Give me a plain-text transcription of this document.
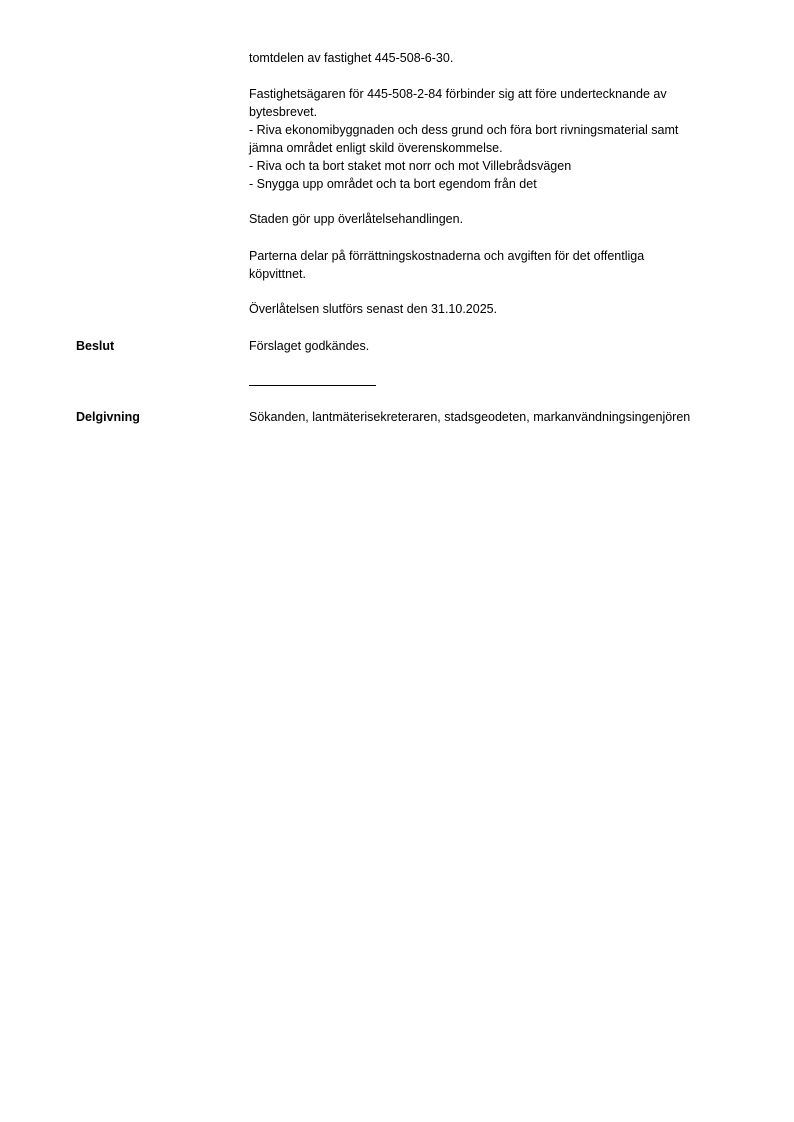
tomtdelen av fastighet 445-508-6-30.
Fastighetsägaren för 445-508-2-84 förbinder sig att före undertecknande av
bytesbrevet.
- Riva ekonomibyggnaden och dess grund och föra bort rivningsmaterial samt
jämna området enligt skild överenskommelse.
- Riva och ta bort staket mot norr och mot Villebrådsvägen
- Snygga upp området och ta bort egendom från det
Staden gör upp överlåtelsehandlingen.
Parterna delar på förrättningskostnaderna och avgiften för det offentliga
köpvittnet.
Överlåtelsen slutförs senast den 31.10.2025.
Beslut	Förslaget godkändes.
Delgivning	Sökanden, lantmäterisekreteraren, stadsgeodeten, markanvändningsingenjören
